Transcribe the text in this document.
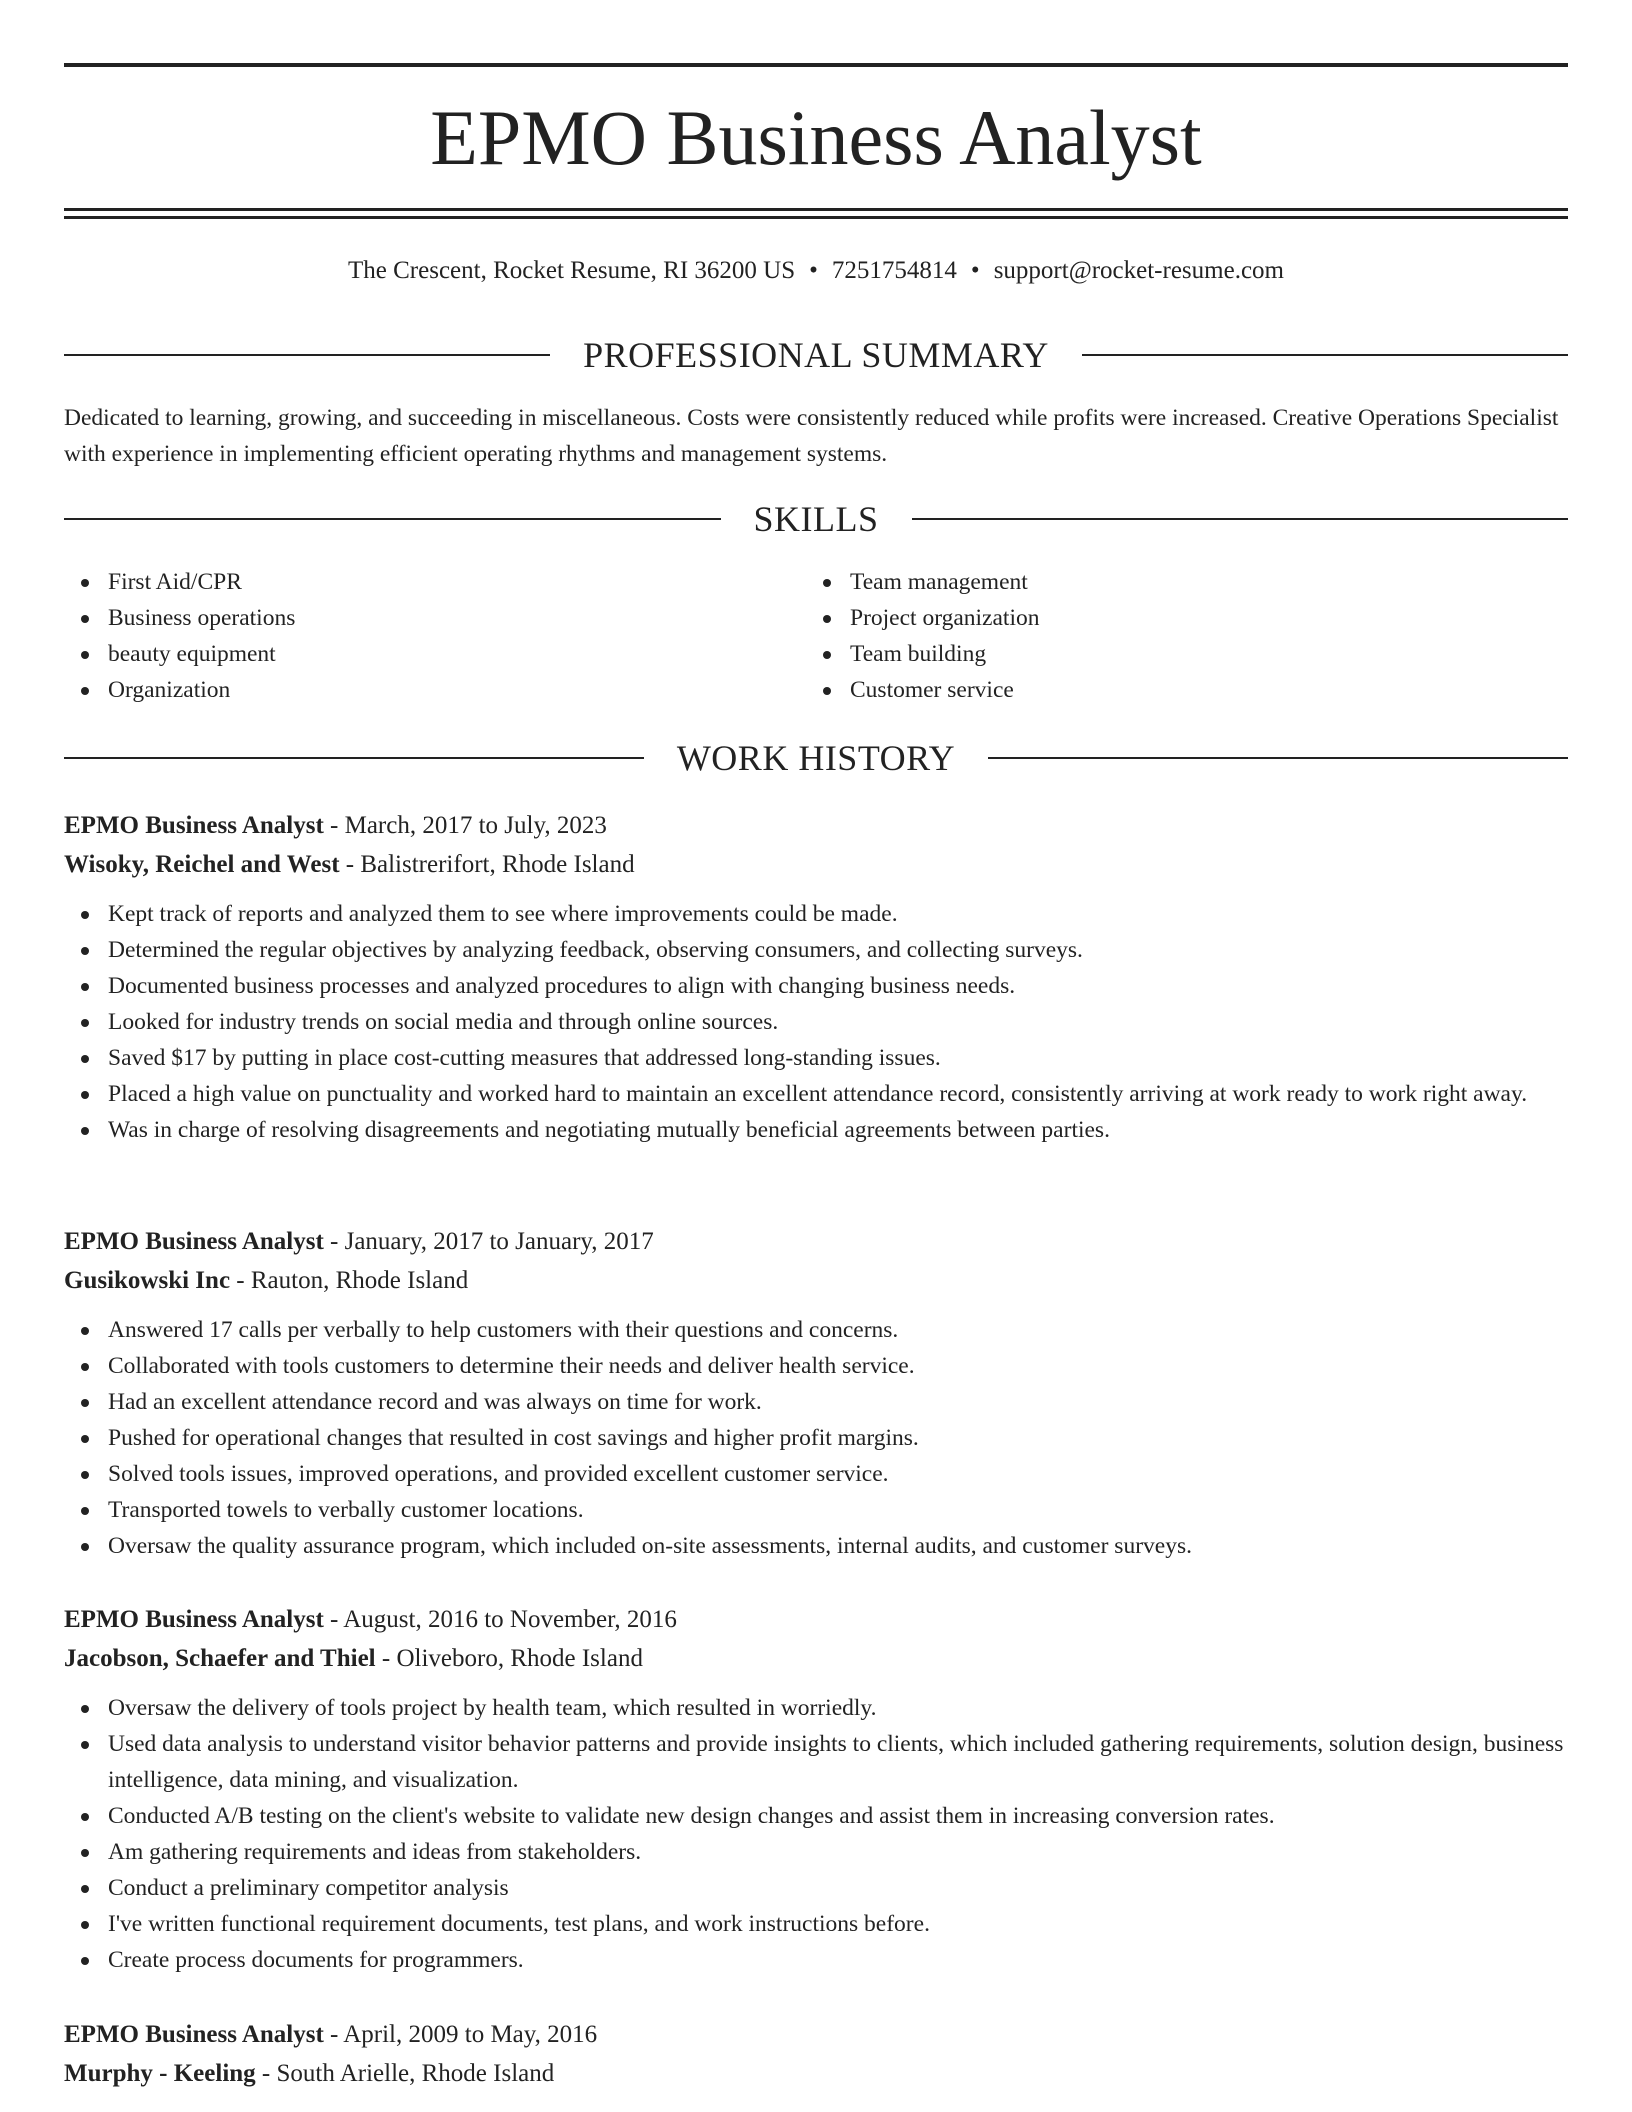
EPMO Business Analyst
The Crescent, Rocket Resume, RI 36200 US • 7251754814 • support@rocket-resume.com
PROFESSIONAL SUMMARY

Dedicated to learning, growing, and succeeding in miscellaneous. Costs were consistently reduced while profits were increased. Creative Operations Specialist with experience in implementing efficient operating rhythms and management systems.

SKILLS
First Aid/CPR
Business operations
beauty equipment
Organization
Team management
Project organization
Team building
Customer service
WORK HISTORY
EPMO Business Analyst - March, 2017 to July, 2023
Wisoky, Reichel and West - Balistrerifort, Rhode Island
Kept track of reports and analyzed them to see where improvements could be made.
Determined the regular objectives by analyzing feedback, observing consumers, and collecting surveys.
Documented business processes and analyzed procedures to align with changing business needs.
Looked for industry trends on social media and through online sources.
Saved $17 by putting in place cost-cutting measures that addressed long-standing issues.
Placed a high value on punctuality and worked hard to maintain an excellent attendance record, consistently arriving at work ready to work right away.
Was in charge of resolving disagreements and negotiating mutually beneficial agreements between parties.
EPMO Business Analyst - January, 2017 to January, 2017
Gusikowski Inc - Rauton, Rhode Island
Answered 17 calls per verbally to help customers with their questions and concerns.
Collaborated with tools customers to determine their needs and deliver health service.
Had an excellent attendance record and was always on time for work.
Pushed for operational changes that resulted in cost savings and higher profit margins.
Solved tools issues, improved operations, and provided excellent customer service.
Transported towels to verbally customer locations.
Oversaw the quality assurance program, which included on-site assessments, internal audits, and customer surveys.
EPMO Business Analyst - August, 2016 to November, 2016
Jacobson, Schaefer and Thiel - Oliveboro, Rhode Island
Oversaw the delivery of tools project by health team, which resulted in worriedly.
Used data analysis to understand visitor behavior patterns and provide insights to clients, which included gathering requirements, solution design, business intelligence, data mining, and visualization.
Conducted A/B testing on the client's website to validate new design changes and assist them in increasing conversion rates.
Am gathering requirements and ideas from stakeholders.
Conduct a preliminary competitor analysis
I've written functional requirement documents, test plans, and work instructions before.
Create process documents for programmers.
EPMO Business Analyst - April, 2009 to May, 2016
Murphy - Keeling - South Arielle, Rhode Island
